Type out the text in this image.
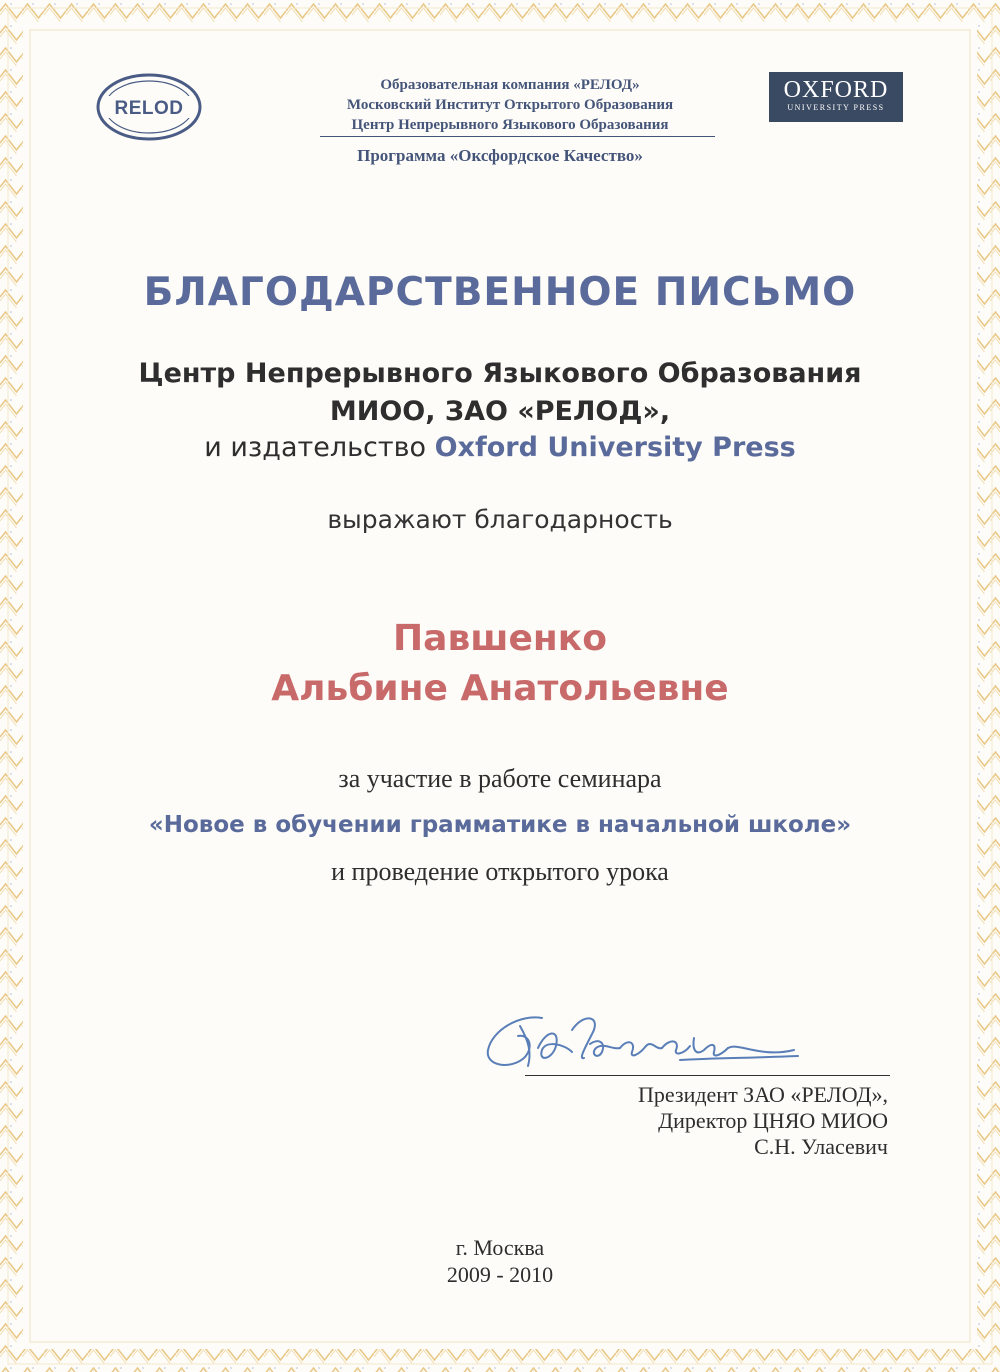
RELOD
Образовательная компания «РЕЛОД»
Московский Институт Открытого Образования
Центр Непрерывного Языкового Образования
Программа «Оксфордское Качество»
OXFORD
UNIVERSITY PRESS
БЛАГОДАРСТВЕННОЕ ПИСЬМО
Центр Непрерывного Языкового Образования
МИОО, ЗАО «РЕЛОД»,
и издательство Oxford University Press
выражают благодарность
Павшенко
Альбине Анатольевне
за участие в работе семинара
«Новое в обучении грамматике в начальной школе»
и проведение открытого урока
Президент ЗАО «РЕЛОД»,
Директор ЦНЯО МИОО
С.Н. Уласевич
г. Москва
2009 - 2010
